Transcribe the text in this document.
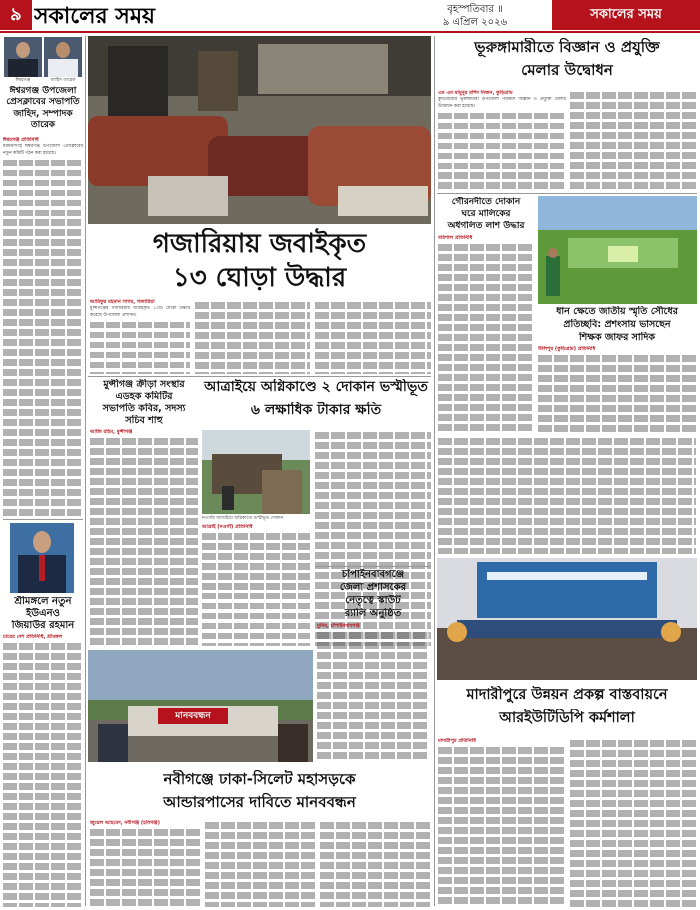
৯ সকালের সময়	বৃহস্পতিবার ॥
৯ এপ্রিল ২০২৬
সকালের সময়
ঈশ্বরগঞ্জ	জাহিদ তারেক
ঈশ্বরগঞ্জ উপজেলা প্রেসক্লাবের সভাপতি জাহিদ, সম্পাদক তারেক
ঈশ্বরগঞ্জ প্রতিনিধি
ময়মনসিংহ ঈশ্বরগঞ্জ উপজেলা প্রেসক্লাবের নতুন কমিটি গঠন করা হয়েছে।
শ্রীমঙ্গলে নতুন
ইউএনও
জিয়াউর রহমান
চায়ের দেশ প্রতিনিধি, শ্রীমঙ্গল
গজারিয়ায় জবাইকৃত
১৩ ঘোড়া উদ্ধার
আরিফুর রহমান সাগর, গজারিয়া
মুন্সিগঞ্জের গজারিয়ায় জবাইকৃত ১৩টি ঘোড়া উদ্ধার করেছে উপজেলা প্রশাসন।
মুন্সীগঞ্জ ক্রীড়া সংস্থার
এডহক কমিটির
সভাপতি কবির, সদস্য
সচিব শাহু
আজি রহিম, মুন্সীগঞ্জ
আত্রাইয়ে অগ্নিকাণ্ডে ২ দোকান ভস্মীভূত
৬ লক্ষাধিক টাকার ক্ষতি
নওগাঁর আত্রাইয়ে অগ্নিকাণ্ডে ভস্মীভূত দোকান
আত্রাই (নওগাঁ) প্রতিনিধি
চাঁপাইনবাবগঞ্জে
জেলা প্রশাসকের
নেতৃত্বে স্কাউট
র‍্যালি অনুষ্ঠিত
মুনির, চাঁপাইনবাবগঞ্জ
মানববন্ধন
নবীগঞ্জে ঢাকা-সিলেট মহাসড়কে
আন্ডারপাসের দাবিতে মানববন্ধন
জুয়েল আহমেদ, নবীগঞ্জ (হবিগঞ্জ)
ভূরুঙ্গামারীতে বিজ্ঞান ও প্রযুক্তি
মেলার উদ্বোধন
এম এম মামুনুর রশিদ নিজন, কুড়িগ্রাম
কুড়িগ্রামের ভূরুঙ্গামারী উপজেলা পরিষদে বিজ্ঞান ও প্রযুক্তি মেলার উদ্বোধন করা হয়েছে।
গৌরনদীতে দোকান
ঘরে মালিকের
অর্ধগলিত লাশ উদ্ধার
বরিশাল প্রতিনিধি
ধান ক্ষেতে জাতীয় স্মৃতি সৌধের
প্রতিচ্ছবি: প্রশংসায় ভাসছেন
শিক্ষক জাফর সাদিক
উলিপুর (কুড়িগ্রাম) প্রতিনিধি
মাদারীপুরে উন্নয়ন প্রকল্প বাস্তবায়নে
আরইউটিডিপি কর্মশালা
মাদারীপুর প্রতিনিধি
